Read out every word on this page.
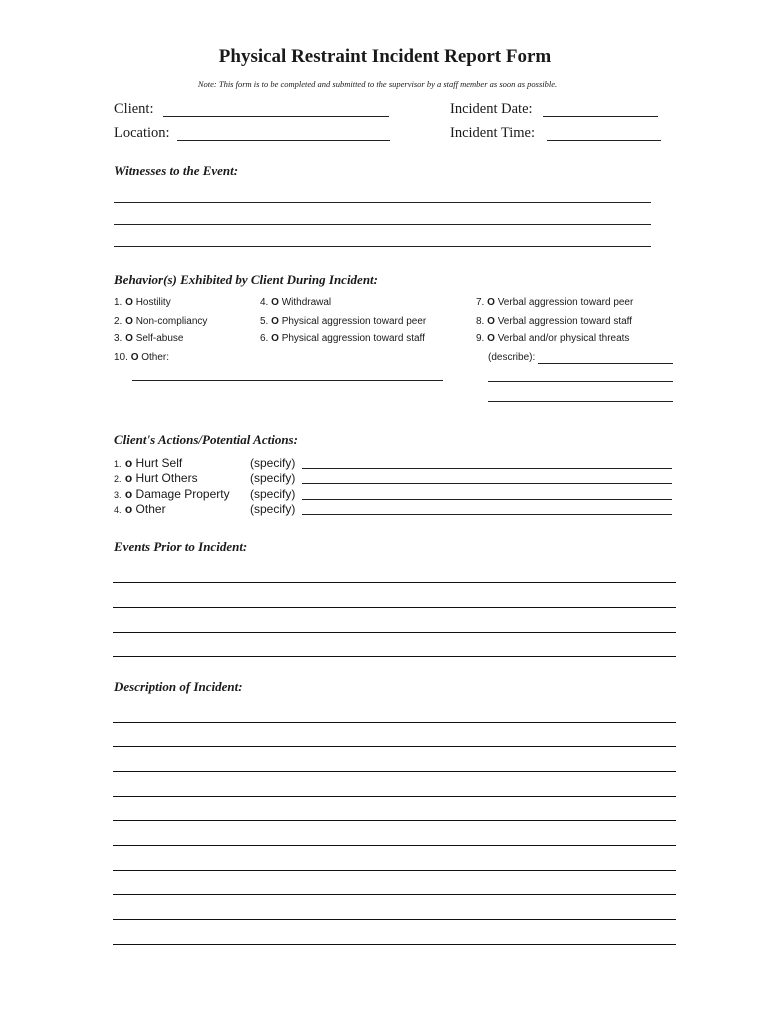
Physical Restraint Incident Report Form
Note: This form is to be completed and submitted to the supervisor by a staff member as soon as possible.
Client:
Location:
Incident Date:
Incident Time:
Witnesses to the Event:
Behavior(s) Exhibited by Client During Incident:
1. O Hostility
2. O Non-compliancy
3. O Self-abuse
10. O Other:
4. O Withdrawal
5. O Physical aggression toward peer
6. O Physical aggression toward staff
7. O Verbal aggression toward peer
8. O Verbal aggression toward staff
9. O Verbal and/or physical threats
(describe):
Client's Actions/Potential Actions:
1. o Hurt Self
2. o Hurt Others
3. o Damage Property
4. o Other
(specify)
(specify)
(specify)
(specify)
Events Prior to Incident:
Description of Incident:
